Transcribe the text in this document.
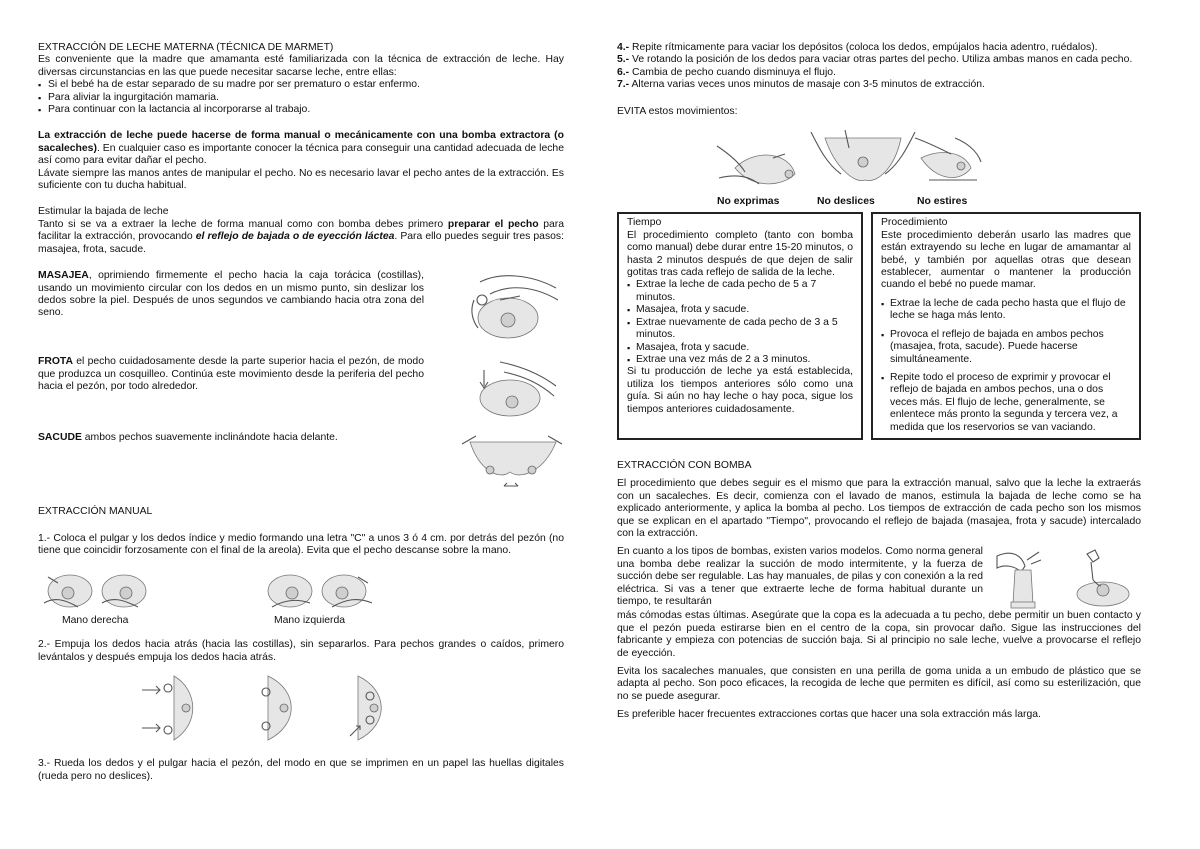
EXTRACCIÓN DE LECHE MATERNA (TÉCNICA DE MARMET)

Es conveniente que la madre que amamanta esté familiarizada con la técnica de extracción de leche. Hay diversas circunstancias en las que puede necesitar sacarse leche, entre ellas:

▪ Si el bebé ha de estar separado de su madre por ser prematuro o estar enfermo.
▪ Para aliviar la ingurgitación mamaria.
▪ Para continuar con la lactancia al incorporarse al trabajo.

La extracción de leche puede hacerse de forma manual o mecánicamente con una bomba extractora (o sacaleches). En cualquier caso es importante conocer la técnica para conseguir una cantidad adecuada de leche así como para evitar dañar el pecho.

Lávate siempre las manos antes de manipular el pecho. No es necesario lavar el pecho antes de la extracción. Es suficiente con tu ducha habitual.

Estimular la bajada de leche

Tanto si se va a extraer la leche de forma manual como con bomba debes primero preparar el pecho para facilitar la extracción, provocando el reflejo de bajada o de eyección láctea. Para ello puedes seguir tres pasos: masajea, frota, sacude.

MASAJEA, oprimiendo firmemente el pecho hacia la caja torácica (costillas), usando un movimiento circular con los dedos en un mismo punto, sin deslizar los dedos sobre la piel. Después de unos segundos ve cambiando hacia otra zona del seno.

FROTA el pecho cuidadosamente desde la parte superior hacia el pezón, de modo que produzca un cosquilleo. Continúa este movimiento desde la periferia del pecho hacia el pezón, por todo alrededor.

SACUDE ambos pechos suavemente inclinándote hacia delante.

EXTRACCIÓN MANUAL

1.- Coloca el pulgar y los dedos índice y medio formando una letra "C" a unos 3 ó 4 cm. por detrás del pezón (no tiene que coincidir forzosamente con el final de la areola). Evita que el pecho descanse sobre la mano.

Mano derecha	Mano izquierda

2.- Empuja los dedos hacia atrás (hacia las costillas), sin separarlos. Para pechos grandes o caídos, primero levántalos y después empuja los dedos hacia atrás.

3.- Rueda los dedos y el pulgar hacia el pezón, del modo en que se imprimen en un papel las huellas digitales (rueda pero no deslices).

4.- Repite rítmicamente para vaciar los depósitos (coloca los dedos, empújalos hacia adentro, ruédalos).

5.- Ve rotando la posición de los dedos para vaciar otras partes del pecho. Utiliza ambas manos en cada pecho.

6.- Cambia de pecho cuando disminuya el flujo.

7.- Alterna varias veces unos minutos de masaje con 3-5 minutos de extracción.

EVITA estos movimientos:

No exprimas	No deslices	No estires
Tiempo

El procedimiento completo (tanto con bomba como manual) debe durar entre 15-20 minutos, o hasta 2 minutos después de que dejen de salir gotitas tras cada reflejo de salida de la leche.

▪ Extrae la leche de cada pecho de 5 a 7 minutos.
▪ Masajea, frota y sacude.
▪ Extrae nuevamente de cada pecho de 3 a 5 minutos.
▪ Masajea, frota y sacude.
▪ Extrae una vez más de 2 a 3 minutos.

Si tu producción de leche ya está establecida, utiliza los tiempos anteriores sólo como una guía. Si aún no hay leche o hay poca, sigue los tiempos anteriores cuidadosamente.

Procedimiento

Este procedimiento deberán usarlo las madres que están extrayendo su leche en lugar de amamantar al bebé, y también por aquellas otras que desean establecer, aumentar o mantener la producción cuando el bebé no puede mamar.

▪ Extrae la leche de cada pecho hasta que el flujo de leche se haga más lento.
▪ Provoca el reflejo de bajada en ambos pechos (masajea, frota, sacude). Puede hacerse simultáneamente.
▪ Repite todo el proceso de exprimir y provocar el reflejo de bajada en ambos pechos, una o dos veces más. El flujo de leche, generalmente, se enlentece más pronto la segunda y tercera vez, a medida que los reservorios se van vaciando.
EXTRACCIÓN CON BOMBA

El procedimiento que debes seguir es el mismo que para la extracción manual, salvo que la leche la extraerás con un sacaleches. Es decir, comienza con el lavado de manos, estimula la bajada de leche como se ha explicado anteriormente, y aplica la bomba al pecho. Los tiempos de extracción de cada pecho son los mismos que se explican en el apartado "Tiempo", provocando el reflejo de bajada (masajea, frota y sacude) intercalado con la extracción.

En cuanto a los tipos de bombas, existen varios modelos. Como norma general una bomba debe realizar la succión de modo intermitente, y la fuerza de succión debe ser regulable. Las hay manuales, de pilas y con conexión a la red eléctrica. Si vas a tener que extraerte leche de forma habitual durante un tiempo, te resultarán

más cómodas estas últimas. Asegúrate que la copa es la adecuada a tu pecho, debe permitir un buen contacto y que el pezón pueda estirarse bien en el centro de la copa, sin provocar daño. Sigue las instrucciones del fabricante y empieza con potencias de succión baja. Si al principio no sale leche, vuelve a provocarse el reflejo de eyección.

Evita los sacaleches manuales, que consisten en una perilla de goma unida a un embudo de plástico que se adapta al pecho. Son poco eficaces, la recogida de leche que permiten es difícil, así como su esterilización, que no se puede asegurar.

Es preferible hacer frecuentes extracciones cortas que hacer una sola extracción más larga.
